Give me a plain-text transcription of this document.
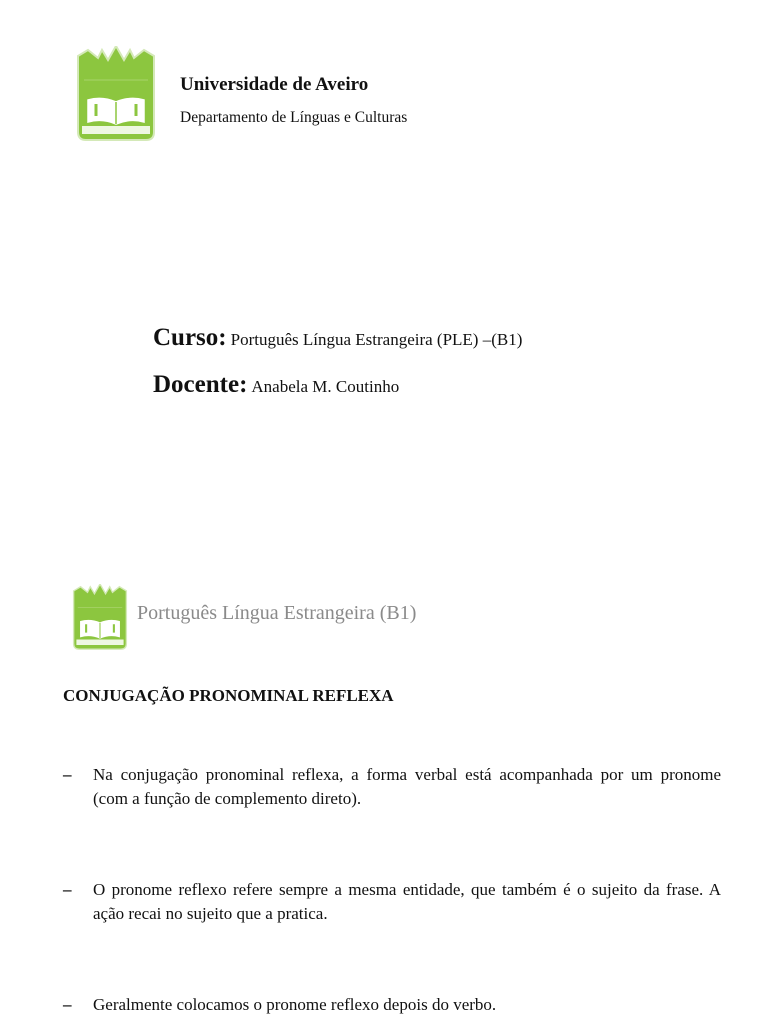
Universidade de Aveiro
Departamento de Línguas e Culturas
Curso: Português Língua Estrangeira (PLE) –(B1)
Docente: Anabela M. Coutinho
Português Língua Estrangeira (B1)
CONJUGAÇÃO PRONOMINAL REFLEXA
– Na conjugação pronominal reflexa, a forma verbal está acompanhada por um pronome (com a função de complemento direto).
– O pronome reflexo refere sempre a mesma entidade, que também é o sujeito da frase. A ação recai no sujeito que a pratica.
– Geralmente colocamos o pronome reflexo depois do verbo.
